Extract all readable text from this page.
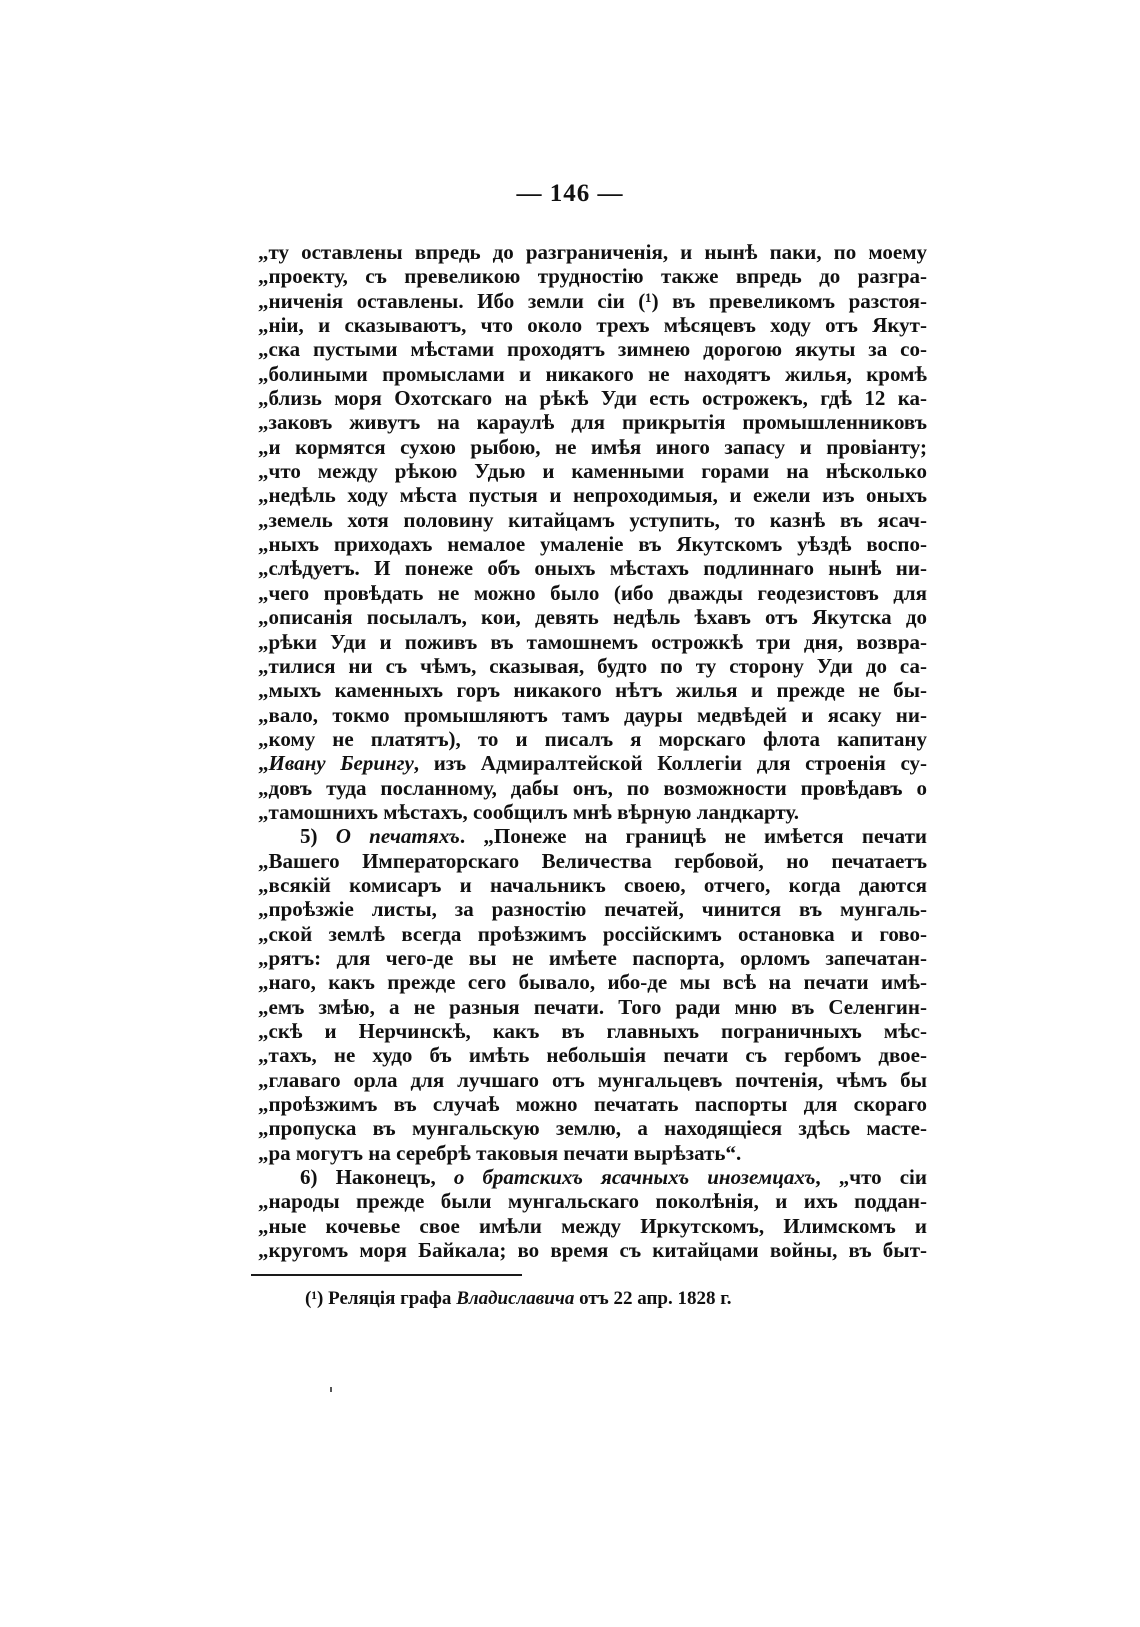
— 146 —
„ту оставлены впредь до разграниченія, и нынѣ паки, по моему
„проекту, съ превеликою трудностію также впредь до разгра-
„ниченія оставлены. Ибо земли сіи (¹) въ превеликомъ разстоя-
„ніи, и сказываютъ, что около трехъ мѣсяцевъ ходу отъ Якут-
„ска пустыми мѣстами проходятъ зимнею дорогою якуты за со-
„болиными промыслами и никакого не находятъ жилья, кромѣ
„близь моря Охотскаго на рѣкѣ Уди есть острожекъ, гдѣ 12 ка-
„заковъ живутъ на караулѣ для прикрытія промышленниковъ
„и кормятся сухою рыбою, не имѣя иного запасу и провіанту;
„что между рѣкою Удью и каменными горами на нѣсколько
„недѣль ходу мѣста пустыя и непроходимыя, и ежели изъ оныхъ
„земель хотя половину китайцамъ уступить, то казнѣ въ ясач-
„ныхъ приходахъ немалое умаленіе въ Якутскомъ уѣздѣ воспо-
„слѣдуетъ. И понеже объ оныхъ мѣстахъ подлиннаго нынѣ ни-
„чего провѣдать не можно было (ибо дважды геодезистовъ для
„описанія посылалъ, кои, девять недѣль ѣхавъ отъ Якутска до
„рѣки Уди и поживъ въ тамошнемъ острожкѣ три дня, возвра-
„тилися ни съ чѣмъ, сказывая, будто по ту сторону Уди до са-
„мыхъ каменныхъ горъ никакого нѣтъ жилья и прежде не бы-
„вало, токмо промышляютъ тамъ дауры медвѣдей и ясаку ни-
„кому не платятъ), то и писалъ я морскаго флота капитану
„Ивану Берингу, изъ Адмиралтейской Коллегіи для строенія су-
„довъ туда посланному, дабы онъ, по возможности провѣдавъ о
„тамошнихъ мѣстахъ, сообщилъ мнѣ вѣрную ландкарту.
5) О печатяхъ. „Понеже на границѣ не имѣется печати
„Вашего Императорскаго Величества гербовой, но печатаетъ
„всякій комисаръ и начальникъ своею, отчего, когда даются
„проѣзжіе листы, за разностію печатей, чинится въ мунгаль-
„ской землѣ всегда проѣзжимъ россійскимъ остановка и гово-
„рятъ: для чего-де вы не имѣете паспорта, орломъ запечатан-
„наго, какъ прежде сего бывало, ибо-де мы всѣ на печати имѣ-
„емъ змѣю, а не разныя печати. Того ради мню въ Селенгин-
„скѣ и Нерчинскѣ, какъ въ главныхъ пограничныхъ мѣс-
„тахъ, не худо бъ имѣть небольшія печати съ гербомъ двое-
„главаго орла для лучшаго отъ мунгальцевъ почтенія, чѣмъ бы
„проѣзжимъ въ случаѣ можно печатать паспорты для скораго
„пропуска въ мунгальскую землю, а находящіеся здѣсь масте-
„ра могутъ на серебрѣ таковыя печати вырѣзать“.
6) Наконецъ, о братскихъ ясачныхъ иноземцахъ, „что сіи
„народы прежде были мунгальскаго поколѣнія, и ихъ поддан-
„ные кочевье свое имѣли между Иркутскомъ, Илимскомъ и
„кругомъ моря Байкала; во время съ китайцами войны, въ быт-
(¹) Реляція графа Владиславича отъ 22 апр. 1828 г.
